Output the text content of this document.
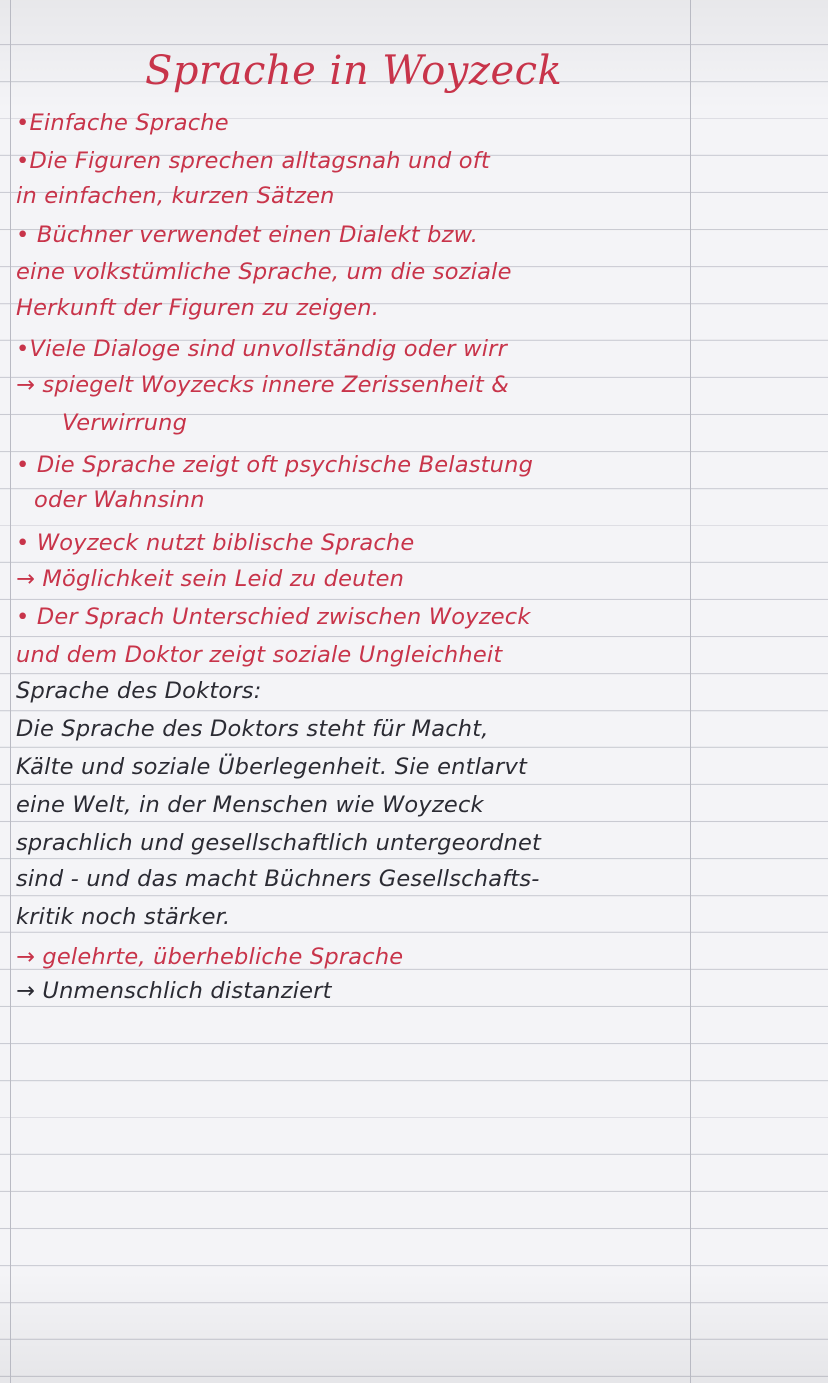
Sprache in Woyzeck
•Einfache Sprache
•Die Figuren sprechen alltagsnah und oft
in einfachen, kurzen Sätzen
• Büchner verwendet einen Dialekt bzw.
eine volkstümliche Sprache, um die soziale
Herkunft der Figuren zu zeigen.
•Viele Dialoge sind unvollständig oder wirr
→ spiegelt Woyzecks innere Zerissenheit &
Verwirrung
• Die Sprache zeigt oft psychische Belastung
oder Wahnsinn
• Woyzeck nutzt biblische Sprache
→ Möglichkeit sein Leid zu deuten
• Der Sprach Unterschied zwischen Woyzeck
und dem Doktor zeigt soziale Ungleichheit
Sprache des Doktors:
Die Sprache des Doktors steht für Macht,
Kälte und soziale Überlegenheit. Sie entlarvt
eine Welt, in der Menschen wie Woyzeck
sprachlich und gesellschaftlich untergeordnet
sind - und das macht Büchners Gesellschafts-
kritik noch stärker.
→ gelehrte, überhebliche Sprache
→ Unmenschlich distanziert
